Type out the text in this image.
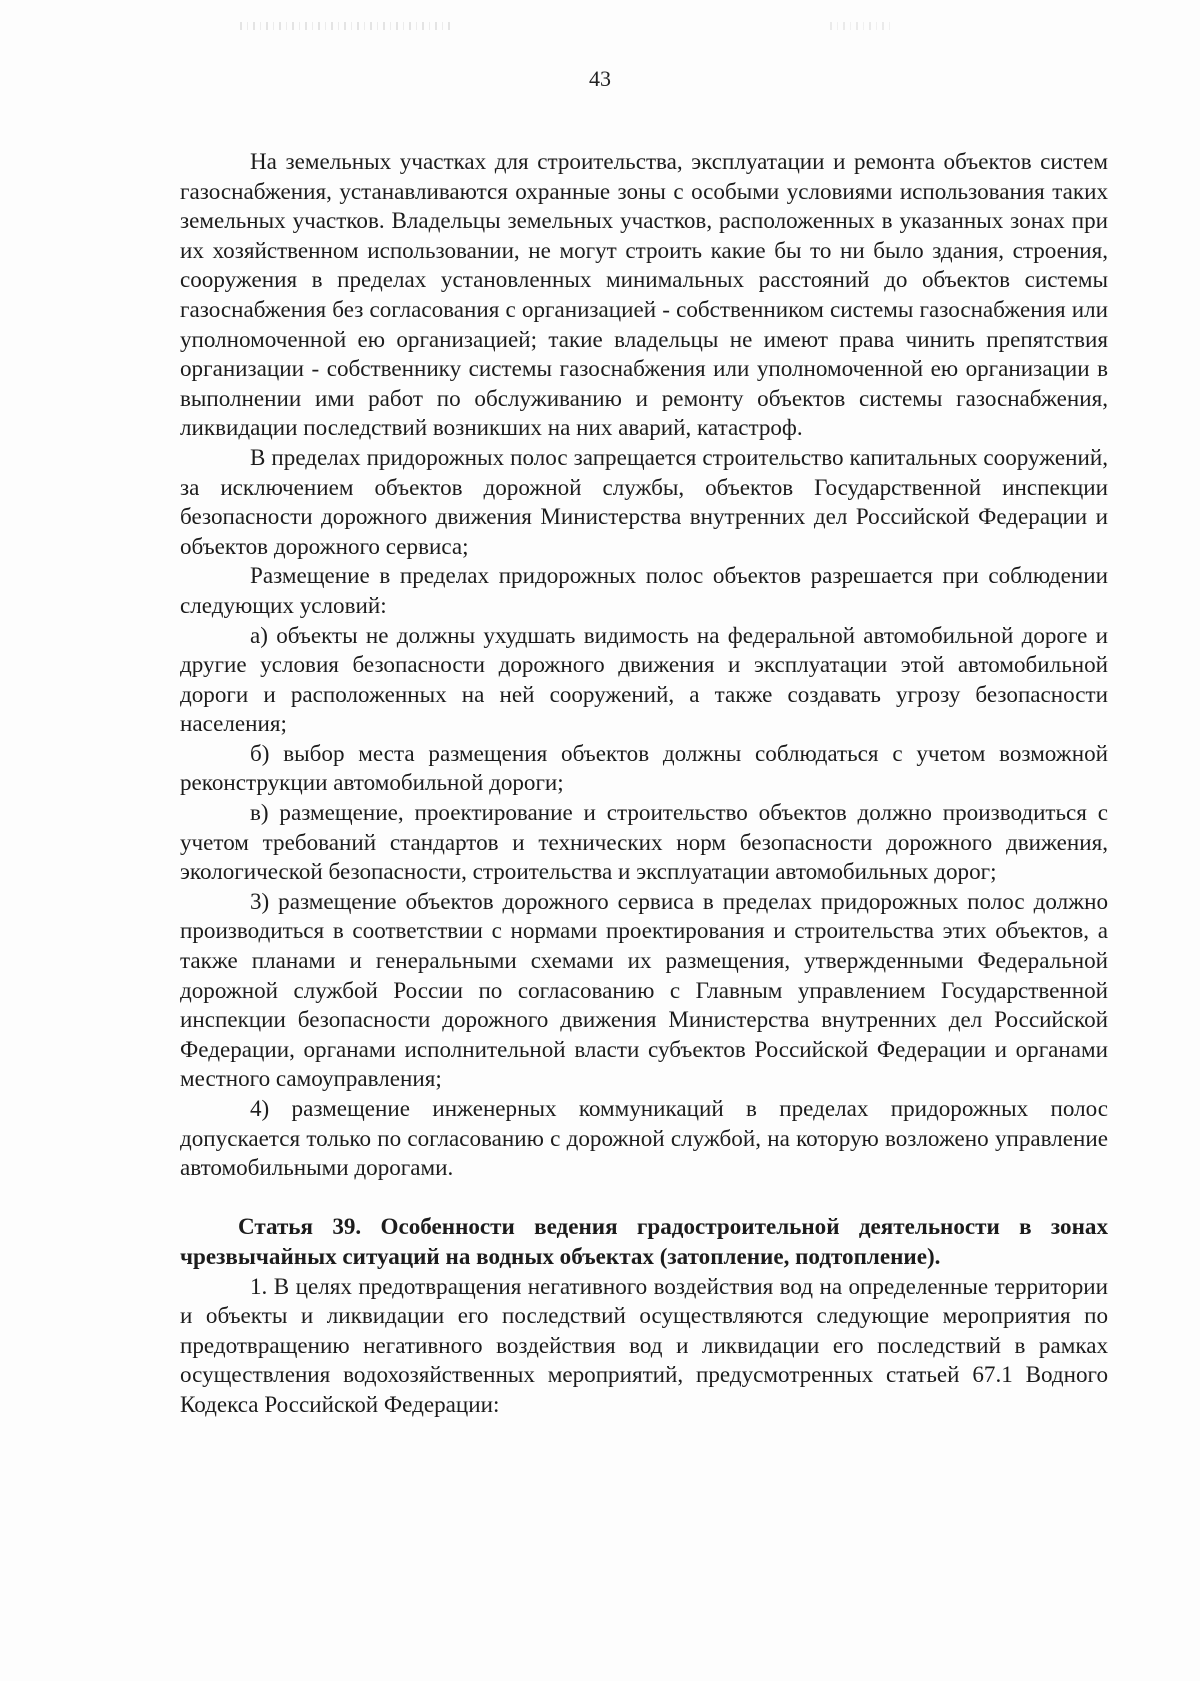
43

На земельных участках для строительства, эксплуатации и ремонта объектов систем газоснабжения, устанавливаются охранные зоны с особыми условиями использования таких земельных участков. Владельцы земельных участков, расположенных в указанных зонах при их хозяйственном использовании, не могут строить какие бы то ни было здания, строения, сооружения в пределах установленных минимальных расстояний до объектов системы газоснабжения без согласования с организацией - собственником системы газоснабжения или уполномоченной ею организацией; такие владельцы не имеют права чинить препятствия организации - собственнику системы газоснабжения или уполномоченной ею организации в выполнении ими работ по обслуживанию и ремонту объектов системы газоснабжения, ликвидации последствий возникших на них аварий, катастроф.

В пределах придорожных полос запрещается строительство капитальных сооружений, за исключением объектов дорожной службы, объектов Государственной инспекции безопасности дорожного движения Министерства внутренних дел Российской Федерации и объектов дорожного сервиса;

Размещение в пределах придорожных полос объектов разрешается при соблюдении следующих условий:

а) объекты не должны ухудшать видимость на федеральной автомобильной дороге и другие условия безопасности дорожного движения и эксплуатации этой автомобильной дороги и расположенных на ней сооружений, а также создавать угрозу безопасности населения;

б) выбор места размещения объектов должны соблюдаться с учетом возможной реконструкции автомобильной дороги;

в) размещение, проектирование и строительство объектов должно производиться с учетом требований стандартов и технических норм безопасности дорожного движения, экологической безопасности, строительства и эксплуатации автомобильных дорог;

3) размещение объектов дорожного сервиса в пределах придорожных полос должно производиться в соответствии с нормами проектирования и строительства этих объектов, а также планами и генеральными схемами их размещения, утвержденными Федеральной дорожной службой России по согласованию с Главным управлением Государственной инспекции безопасности дорожного движения Министерства внутренних дел Российской Федерации, органами исполнительной власти субъектов Российской Федерации и органами местного самоуправления;

4) размещение инженерных коммуникаций в пределах придорожных полос допускается только по согласованию с дорожной службой, на которую возложено управление автомобильными дорогами.

Статья 39. Особенности ведения градостроительной деятельности в зонах чрезвычайных ситуаций на водных объектах (затопление, подтопление).

1. В целях предотвращения негативного воздействия вод на определенные территории и объекты и ликвидации его последствий осуществляются следующие мероприятия по предотвращению негативного воздействия вод и ликвидации его последствий в рамках осуществления водохозяйственных мероприятий, предусмотренных статьей 67.1 Водного Кодекса Российской Федерации:
